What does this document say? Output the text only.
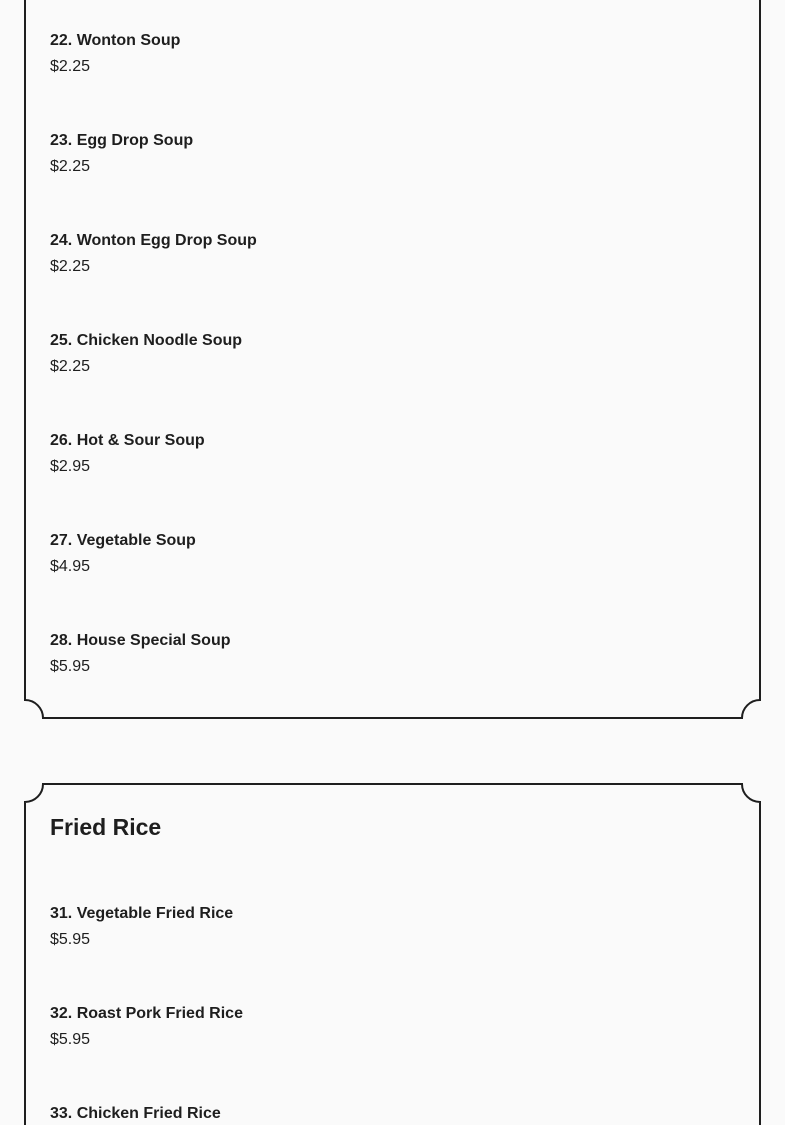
22. Wonton Soup
$2.25
23. Egg Drop Soup
$2.25
24. Wonton Egg Drop Soup
$2.25
25. Chicken Noodle Soup
$2.25
26. Hot & Sour Soup
$2.95
27. Vegetable Soup
$4.95
28. House Special Soup
$5.95
Fried Rice
31. Vegetable Fried Rice
$5.95
32. Roast Pork Fried Rice
$5.95
33. Chicken Fried Rice
